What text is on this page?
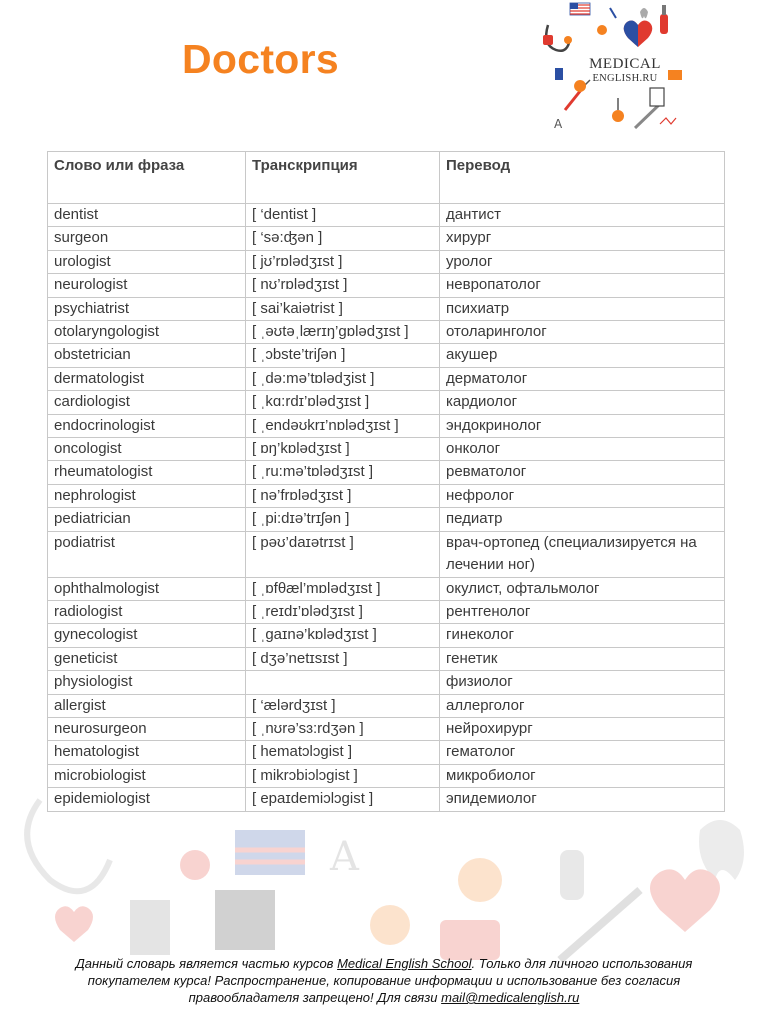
Doctors
A
MEDICAL
ENGLISH.RU
Слово или фраза	Транскрипция	Перевод
dentist	[ ‘dentist ]	дантист
surgeon	[ ‘sə:ʤən ]	хирург
urologist	[ jʊ’rɒlədʒɪst ]	уролог
neurologist	[ nʊ’rɒlədʒɪst ]	невропатолог
psychiatrist	[ sai’kaiətrist ]	психиатр
otolaryngologist	[ ˌəʊtəˌlærɪŋ’gɒlədʒɪst ]	отоларинголог
obstetrician	[ ˌɔbste’triʃən ]	акушер
dermatologist	[ ˌdə:mə’tɒlədʒist ]	дерматолог
cardiologist	[ ˌkɑ:rdɪ’ɒlədʒɪst ]	кардиолог
endocrinologist	[ ˌendəʊkrɪ’nɒlədʒɪst ]	эндокринолог
oncologist	[ ɒŋ’kɒlədʒɪst ]	онколог
rheumatologist	[ ˌru:mə’tɒlədʒɪst ]	ревматолог
nephrologist	[ nə’frɒlədʒɪst ]	нефролог
pediatrician	[ ˌpi:dɪə’trɪʃən ]	педиатр
podiatrist	[ pəʊ’daɪətrɪst ]	врач-ортопед (специализируется на лечении ног)
ophthalmologist	[ ˌɒfθæl’mɒlədʒɪst ]	окулист, офтальмолог
radiologist	[ ˌreɪdɪ’ɒlədʒɪst ]	рентгенолог
gynecologist	[ ˌgaɪnə’kɒlədʒɪst ]	гинеколог
geneticist	[ dʒə’netɪsɪst ]	генетик
physiologist		физиолог
allergist	[ ‘ælərdʒɪst ]	аллерголог
neurosurgeon	[ ˌnʊrə’sɜ:rdʒən ]	нейрохирург
hematologist	[ hematɔlɔgist ]	гематолог
microbiologist	[ mikrɔbiɔlɔgist ]	микробиолог
epidemiologist	[ epaɪdemiɔlɔgist ]	эпидемиолог
A
Данный словарь является частью курсов Medical English School. Только для личного использования покупателем курса! Распространение, копирование информации и использование без согласия правообладателя запрещено! Для связи mail@medicalenglish.ru
